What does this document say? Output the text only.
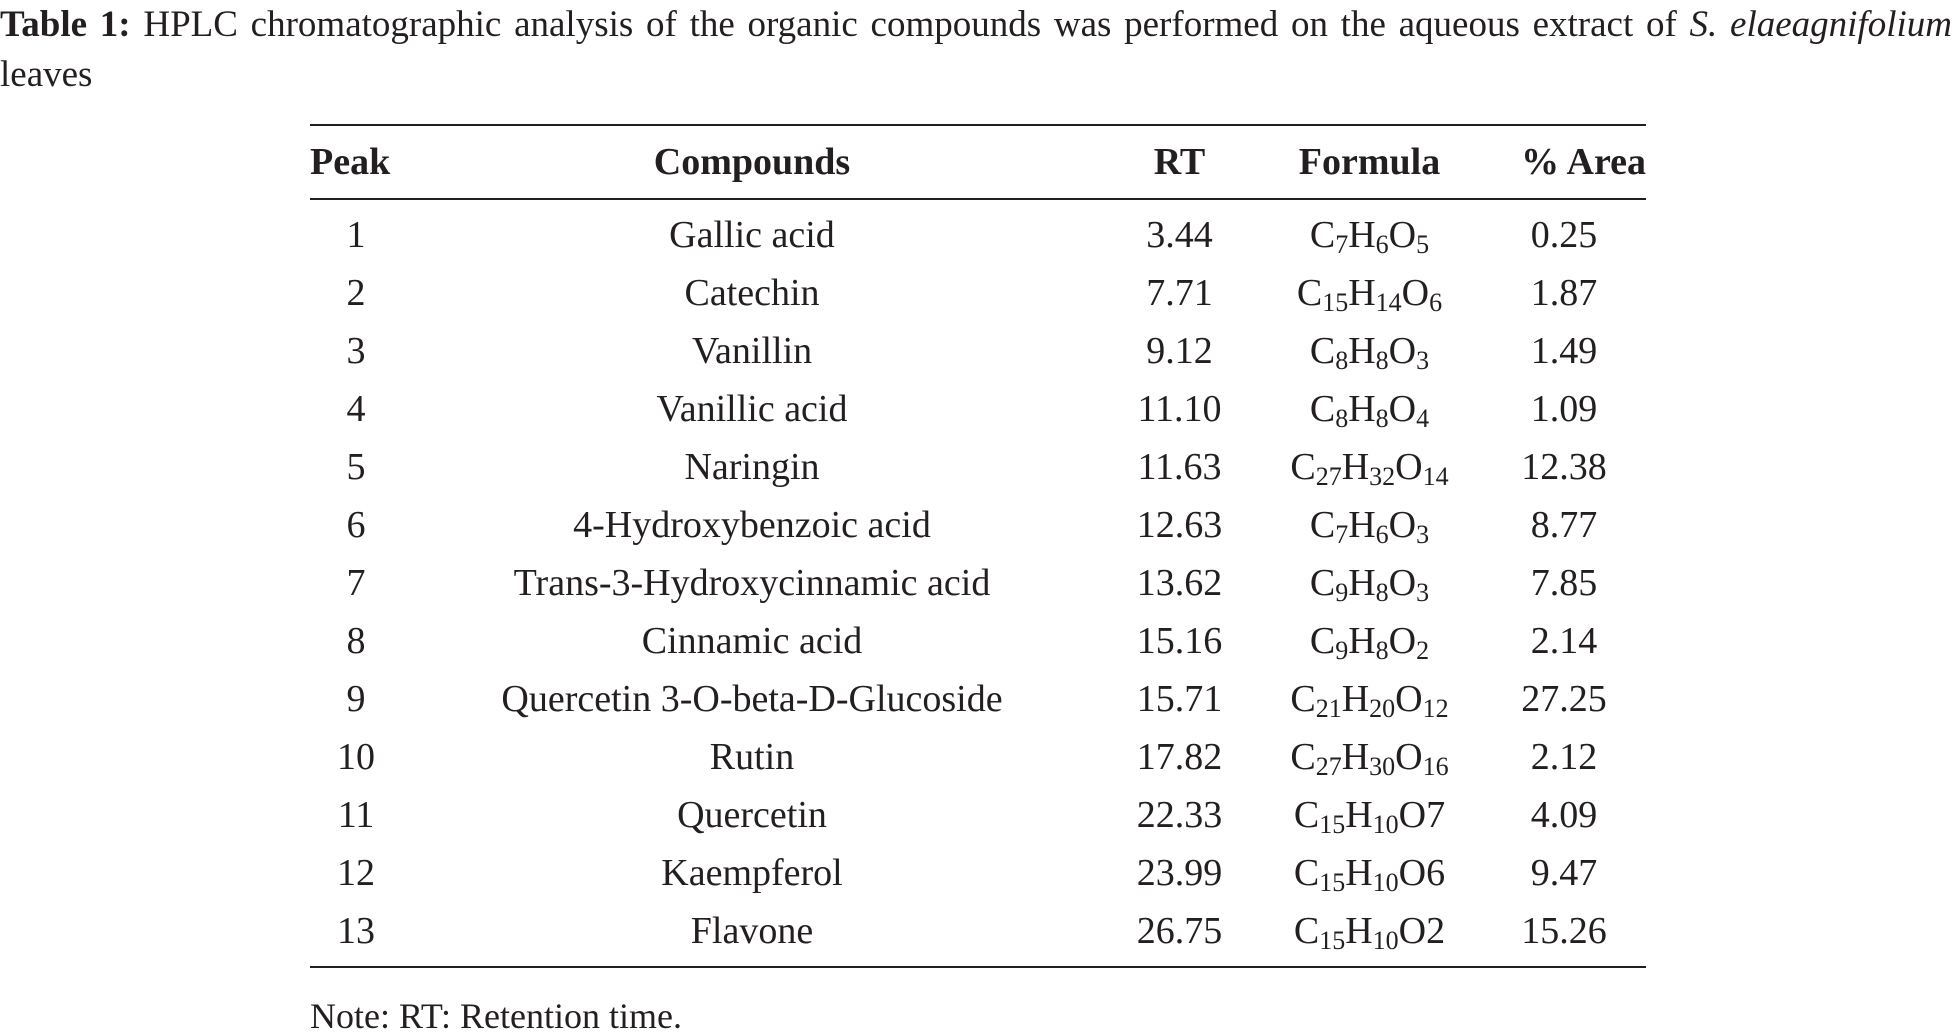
Table 1: HPLC chromatographic analysis of the organic compounds was performed on the aqueous extract of S. elaeagnifolium leaves
Peak	Compounds	RT	Formula	% Area
1	Gallic acid	3.44	$C_7H_6O_5$	0.25
2	Catechin	7.71	$C_{15}H_{14}O_6$	1.87
3	Vanillin	9.12	$C_8H_8O_3$	1.49
4	Vanillic acid	11.10	$C_8H_8O_4$	1.09
5	Naringin	11.63	$C_{27}H_{32}O_{14}$	12.38
6	4-Hydroxybenzoic acid	12.63	$C_7H_6O_3$	8.77
7	Trans-3-Hydroxycinnamic acid	13.62	$C_9H_8O_3$	7.85
8	Cinnamic acid	15.16	$C_9H_8O_2$	2.14
9	Quercetin 3-O-beta-D-Glucoside	15.71	$C_{21}H_{20}O_{12}$	27.25
10	Rutin	17.82	$C_{27}H_{30}O_{16}$	2.12
11	Quercetin	22.33	$C_{15}H_{10}O7$	4.09
12	Kaempferol	23.99	$C_{15}H_{10}O6$	9.47
13	Flavone	26.75	$C_{15}H_{10}O2$	15.26
Note: RT: Retention time.
